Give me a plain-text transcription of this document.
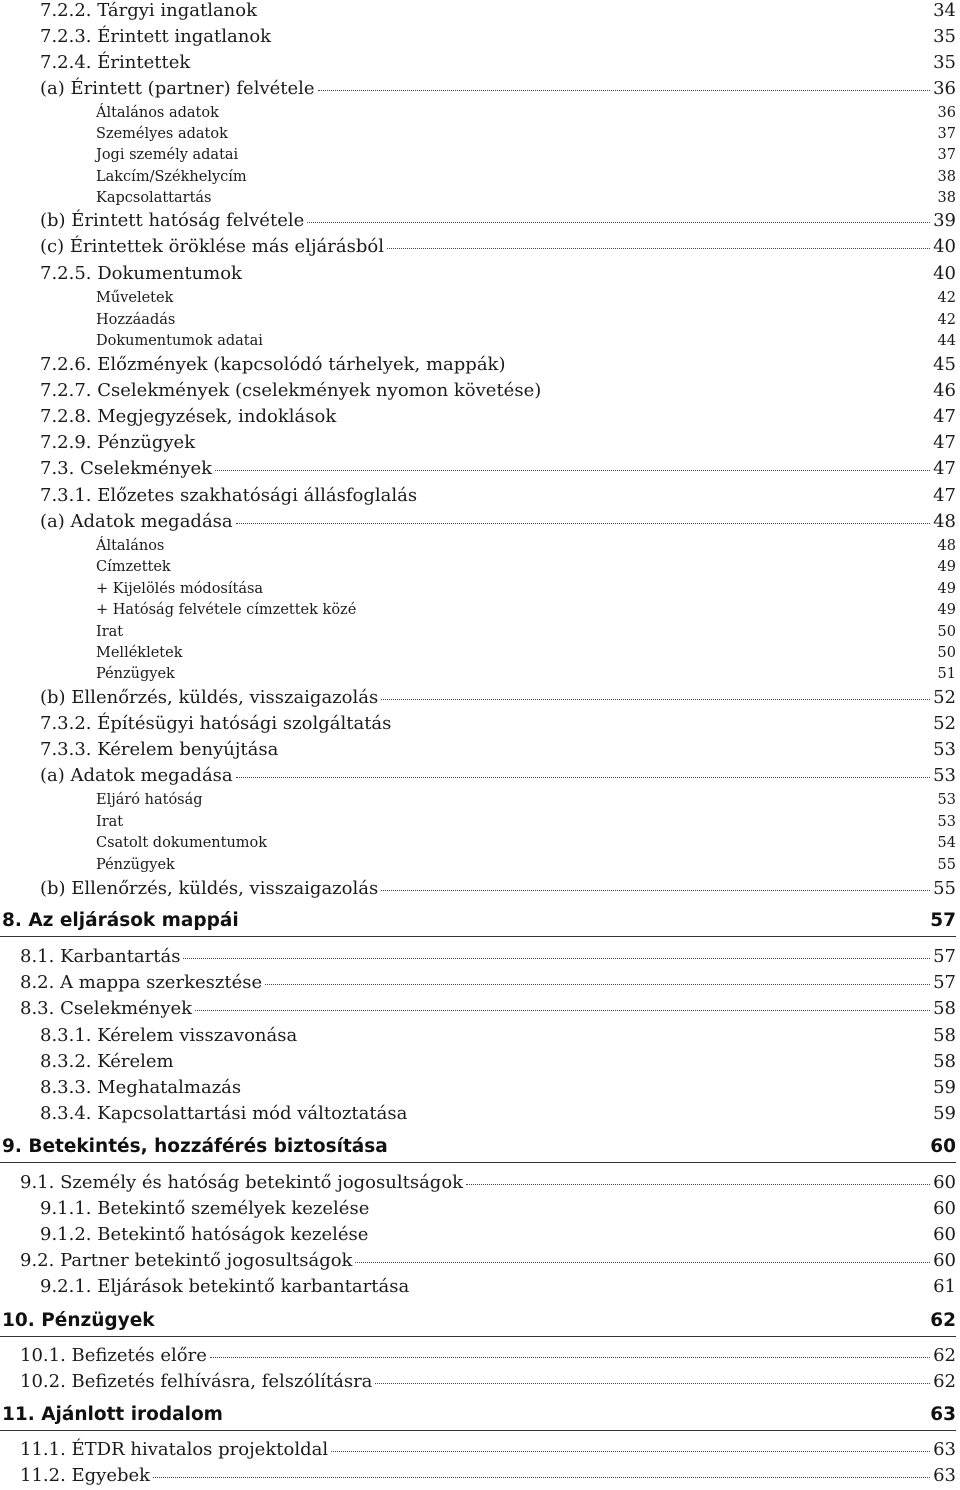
7.2.2. Tárgyi ingatlanok	34
7.2.3. Érintett ingatlanok	35
7.2.4. Érintettek	35
(a) Érintett (partner) felvétele	36
Általános adatok	36
Személyes adatok	37
Jogi személy adatai	37
Lakcím/Székhelycím	38
Kapcsolattartás	38
(b) Érintett hatóság felvétele	39
(c) Érintettek öröklése más eljárásból	40
7.2.5. Dokumentumok	40
Műveletek	42
Hozzáadás	42
Dokumentumok adatai	44
7.2.6. Előzmények (kapcsolódó tárhelyek, mappák)	45
7.2.7. Cselekmények (cselekmények nyomon követése)	46
7.2.8. Megjegyzések, indoklások	47
7.2.9. Pénzügyek	47
7.3. Cselekmények	47
7.3.1. Előzetes szakhatósági állásfoglalás	47
(a) Adatok megadása	48
Általános	48
Címzettek	49
+ Kijelölés módosítása	49
+ Hatóság felvétele címzettek közé	49
Irat	50
Mellékletek	50
Pénzügyek	51
(b) Ellenőrzés, küldés, visszaigazolás	52
7.3.2. Építésügyi hatósági szolgáltatás	52
7.3.3. Kérelem benyújtása	53
(a) Adatok megadása	53
Eljáró hatóság	53
Irat	53
Csatolt dokumentumok	54
Pénzügyek	55
(b) Ellenőrzés, küldés, visszaigazolás	55
8. Az eljárások mappái	57
8.1. Karbantartás	57
8.2. A mappa szerkesztése	57
8.3. Cselekmények	58
8.3.1. Kérelem visszavonása	58
8.3.2. Kérelem	58
8.3.3. Meghatalmazás	59
8.3.4. Kapcsolattartási mód változtatása	59
9. Betekintés, hozzáférés biztosítása	60
9.1. Személy és hatóság betekintő jogosultságok	60
9.1.1. Betekintő személyek kezelése	60
9.1.2. Betekintő hatóságok kezelése	60
9.2. Partner betekintő jogosultságok	60
9.2.1. Eljárások betekintő karbantartása	61
10. Pénzügyek	62
10.1. Befizetés előre	62
10.2. Befizetés felhívásra, felszólításra	62
11. Ajánlott irodalom	63
11.1. ÉTDR hivatalos projektoldal	63
11.2. Egyebek	63
